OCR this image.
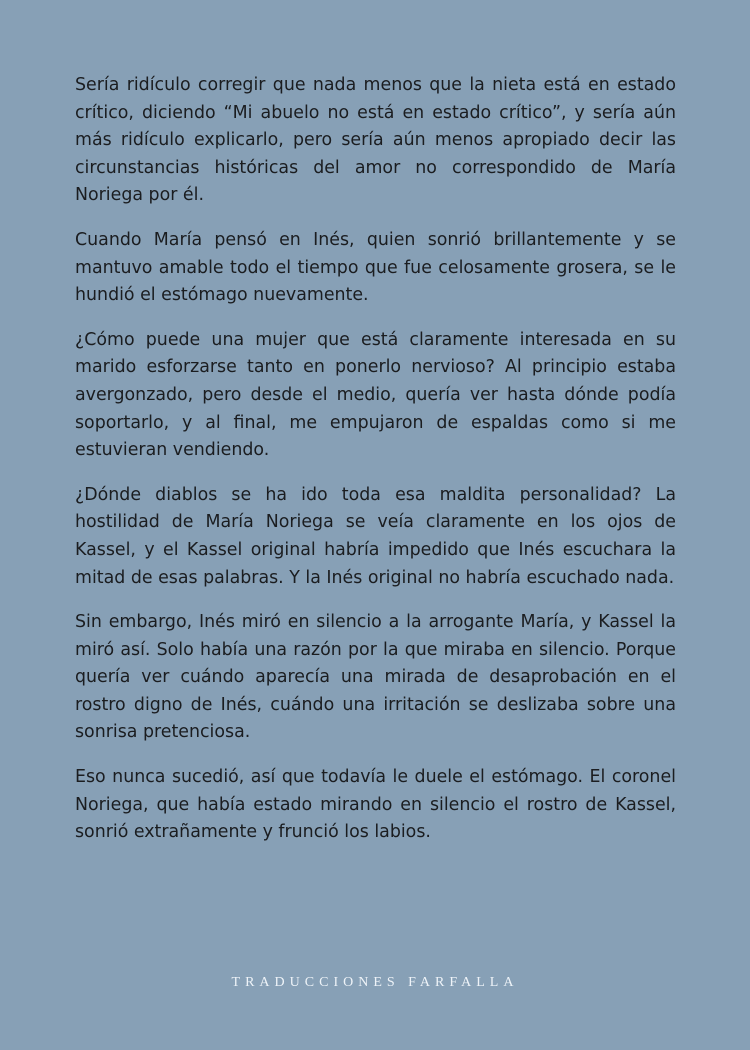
Sería ridículo corregir que nada menos que la nieta está en estado crítico, diciendo “Mi abuelo no está en estado crítico”, y sería aún más ridículo explicarlo, pero sería aún menos apropiado decir las circunstancias históricas del amor no correspondido de María Noriega por él.

Cuando María pensó en Inés, quien sonrió brillantemente y se mantuvo amable todo el tiempo que fue celosamente grosera, se le hundió el estómago nuevamente.

¿Cómo puede una mujer que está claramente interesada en su marido esforzarse tanto en ponerlo nervioso? Al principio estaba avergonzado, pero desde el medio, quería ver hasta dónde podía soportarlo, y al final, me empujaron de espaldas como si me estuvieran vendiendo.

¿Dónde diablos se ha ido toda esa maldita personalidad? La hostilidad de María Noriega se veía claramente en los ojos de Kassel, y el Kassel original habría impedido que Inés escuchara la mitad de esas palabras. Y la Inés original no habría escuchado nada.

Sin embargo, Inés miró en silencio a la arrogante María, y Kassel la miró así. Solo había una razón por la que miraba en silencio. Porque quería ver cuándo aparecía una mirada de desaprobación en el rostro digno de Inés, cuándo una irritación se deslizaba sobre una sonrisa pretenciosa.

Eso nunca sucedió, así que todavía le duele el estómago. El coronel Noriega, que había estado mirando en silencio el rostro de Kassel, sonrió extrañamente y frunció los labios.

TRADUCCIONES FARFALLA
